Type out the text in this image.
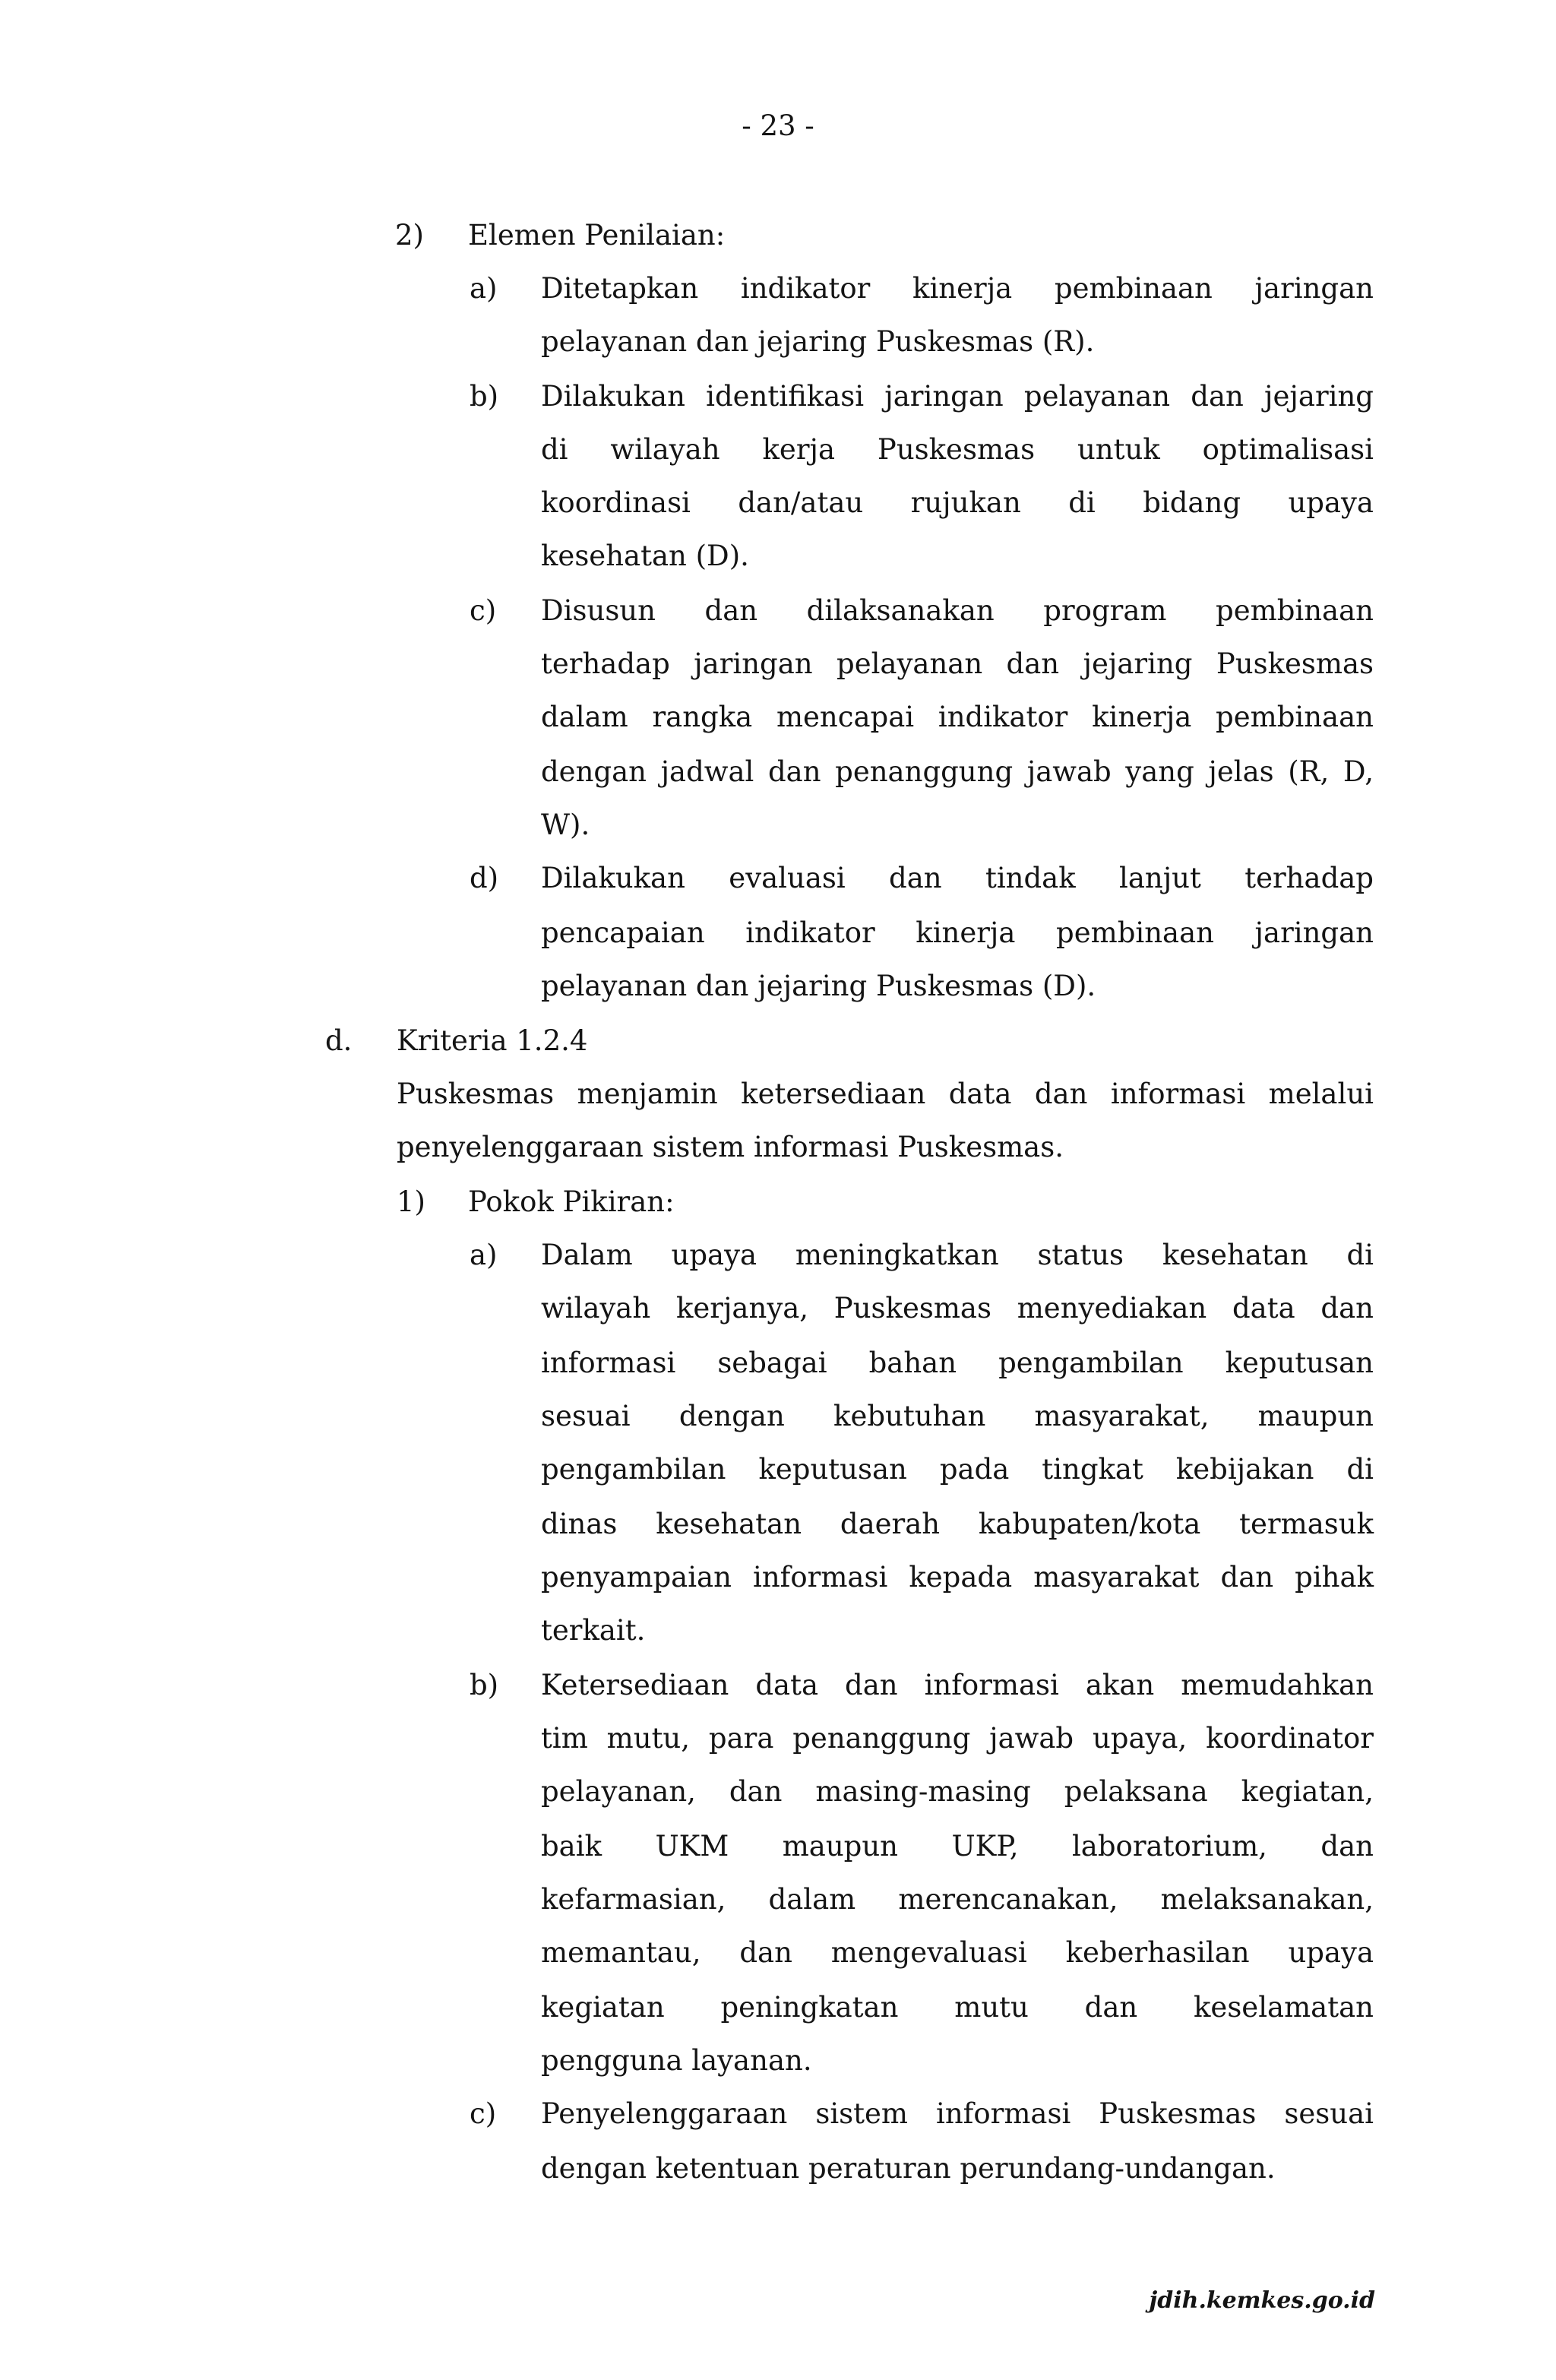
- 23 -
2) Elemen Penilaian:
a) Ditetapkan indikator kinerja pembinaan jaringan
pelayanan dan jejaring Puskesmas (R).
b) Dilakukan identifikasi jaringan pelayanan dan jejaring
di wilayah kerja Puskesmas untuk optimalisasi
koordinasi dan/atau rujukan di bidang upaya
kesehatan (D).
c) Disusun dan dilaksanakan program pembinaan
terhadap jaringan pelayanan dan jejaring Puskesmas
dalam rangka mencapai indikator kinerja pembinaan
dengan jadwal dan penanggung jawab yang jelas (R, D,
W).
d) Dilakukan evaluasi dan tindak lanjut terhadap
pencapaian indikator kinerja pembinaan jaringan
pelayanan dan jejaring Puskesmas (D).
d. Kriteria 1.2.4
Puskesmas menjamin ketersediaan data dan informasi melalui
penyelenggaraan sistem informasi Puskesmas.
1) Pokok Pikiran:
a) Dalam upaya meningkatkan status kesehatan di
wilayah kerjanya, Puskesmas menyediakan data dan
informasi sebagai bahan pengambilan keputusan
sesuai dengan kebutuhan masyarakat, maupun
pengambilan keputusan pada tingkat kebijakan di
dinas kesehatan daerah kabupaten/kota termasuk
penyampaian informasi kepada masyarakat dan pihak
terkait.
b) Ketersediaan data dan informasi akan memudahkan
tim mutu, para penanggung jawab upaya, koordinator
pelayanan, dan masing-masing pelaksana kegiatan,
baik UKM maupun UKP, laboratorium, dan
kefarmasian, dalam merencanakan, melaksanakan,
memantau, dan mengevaluasi keberhasilan upaya
kegiatan peningkatan mutu dan keselamatan
pengguna layanan.
c) Penyelenggaraan sistem informasi Puskesmas sesuai
dengan ketentuan peraturan perundang-undangan.
jdih.kemkes.go.id
